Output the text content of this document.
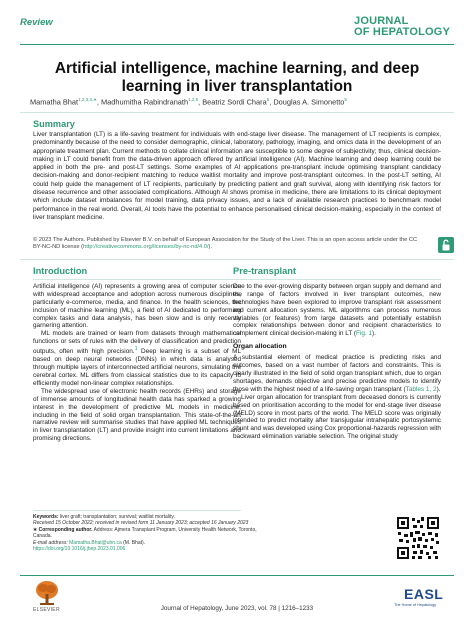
Review	JOURNAL
OF HEPATOLOGY
Artificial intelligence, machine learning, and deep learning in liver transplantation
Mamatha Bhat$^{1,2,3,4,∗}$, Madhumitha Rabindranath$^{1,2,5}$, Beatriz Sordi Chara$^5$, Douglas A. Simonetto$^5$
Summary
Liver transplantation (LT) is a life-saving treatment for individuals with end-stage liver disease. The management of LT recipients is complex, predominantly because of the need to consider demographic, clinical, laboratory, pathology, imaging, and omics data in the development of an appropriate treatment plan. Current methods to collate clinical information are susceptible to some degree of subjectivity; thus, clinical decision-making in LT could benefit from the data-driven approach offered by artificial intelligence (AI). Machine learning and deep learning could be applied in both the pre- and post-LT settings. Some examples of AI applications pre-transplant include optimising transplant candidacy decision-making and donor-recipient matching to reduce waitlist mortality and improve post-transplant outcomes. In the post-LT setting, AI could help guide the management of LT recipients, particularly by predicting patient and graft survival, along with identifying risk factors for disease recurrence and other associated complications. Although AI shows promise in medicine, there are limitations to its clinical deployment which include dataset imbalances for model training, data privacy issues, and a lack of available research practices to benchmark model performance in the real world. Overall, AI tools have the potential to enhance personalised clinical decision-making, especially in the context of liver transplant medicine.
© 2023 The Authors. Published by Elsevier B.V. on behalf of European Association for the Study of the Liver. This is an open access article under the CC BY-NC-ND license (http://creativecommons.org/licenses/by-nc-nd/4.0/).
Introduction

Artificial intelligence (AI) represents a growing area of computer science with widespread acceptance and adoption across numerous disciplines, particularly e-commerce, media, and finance. In the health sciences, the inclusion of machine learning (ML), a field of AI dedicated to performing complex tasks and data analysis, has been slow and is only recently garnering attention.

ML models are trained or learn from datasets through mathematical functions or sets of rules with the delivery of classification and prediction outputs, often with high precision.$^1$ Deep learning is a subset of ML based on deep neural networks (DNNs) in which data is analysed through multiple layers of interconnected artificial neurons, simulating the cerebral cortex. ML differs from classical statistics due to its capacity to efficiently model non-linear complex relationships.

The widespread use of electronic health records (EHRs) and storage of immense amounts of longitudinal health data has sparked a growing interest in the development of predictive ML models in medicine, including in the field of solid organ transplantation. This state-of-the-art narrative review will summarise studies that have applied ML techniques in liver transplantation (LT) and provide insight into current limitations and promising directions.

Pre-transplant

Due to the ever-growing disparity between organ supply and demand and the range of factors involved in liver transplant outcomes, new technologies have been explored to improve transplant risk assessment and current allocation systems. ML algorithms can process numerous variables (or features) from large datasets and potentially establish complex relationships between donor and recipient characteristics to complement clinical decision-making in LT (Fig. 1).

Organ allocation

A substantial element of medical practice is predicting risks and outcomes, based on a vast number of factors and constraints. This is clearly illustrated in the field of solid organ transplant which, due to organ shortages, demands objective and precise predictive models to identify those with the highest need of a life-saving organ transplant (Tables 1, 2).

Liver organ allocation for transplant from deceased donors is currently based on prioritisation according to the model for end-stage liver disease (MELD) score in most parts of the world. The MELD score was originally intended to predict mortality after transjugular intrahepatic portosystemic shunt and was developed using Cox proportional-hazards regression with backward elimination variable selection. The original study

Keywords: liver graft; transplantation; survival; waitlist mortality.
Received 15 October 2022; received in revised form 11 January 2023; accepted 16 January 2023
∗ Corresponding author. Address: Ajmera Transplant Program, University Health Network, Toronto, Canada.
E-mail address: Mamatha.Bhat@uhn.ca (M. Bhat).
https://doi.org/10.1016/j.jhep.2023.01.006
ELSEVIER	Journal of Hepatology, June 2023, vol. 78 | 1216–1233
EASL
The Home of Hepatology
